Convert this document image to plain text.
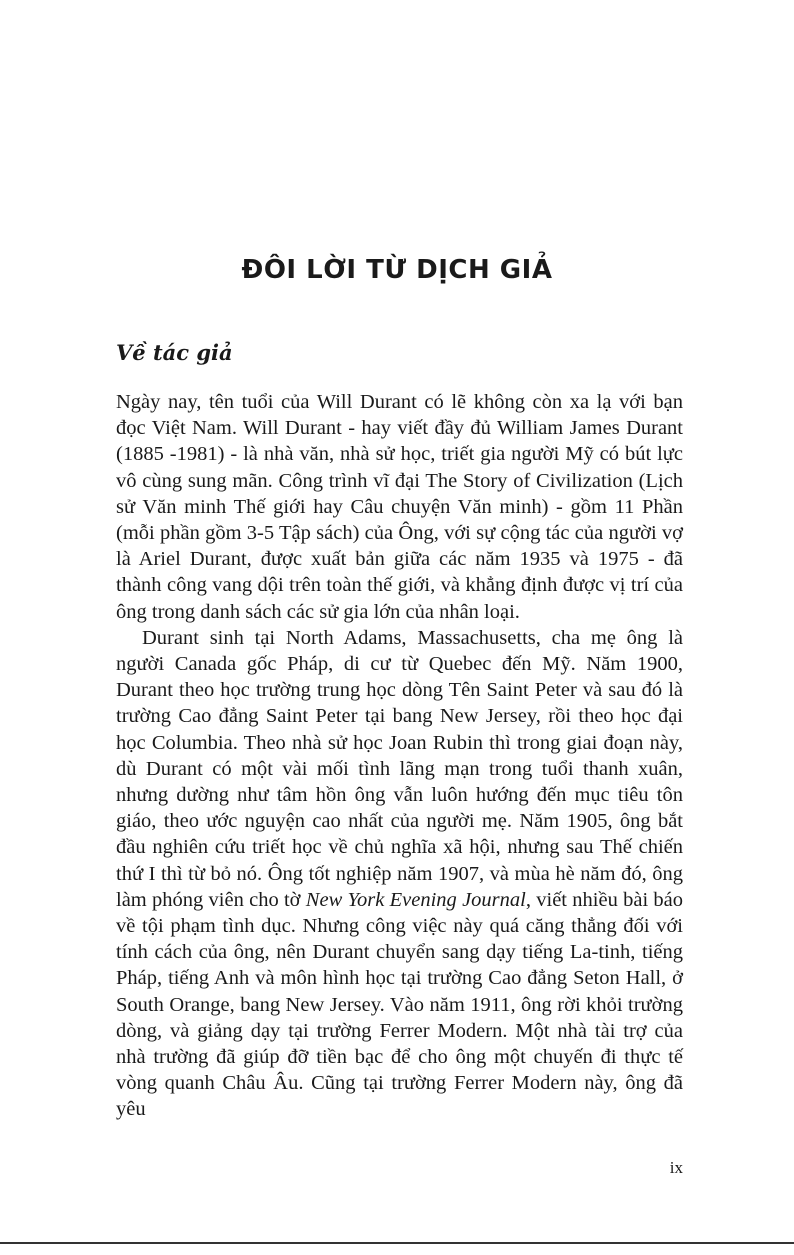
ĐÔI LỜI TỪ DỊCH GIẢ
Về tác giả

Ngày nay, tên tuổi của Will Durant có lẽ không còn xa lạ với bạn đọc Việt Nam. Will Durant - hay viết đầy đủ William James Durant (1885 -1981) - là nhà văn, nhà sử học, triết gia người Mỹ có bút lực vô cùng sung mãn. Công trình vĩ đại The Story of Civilization (Lịch sử Văn minh Thế giới hay Câu chuyện Văn minh) - gồm 11 Phần (mỗi phần gồm 3-5 Tập sách) của Ông, với sự cộng tác của người vợ là Ariel Durant, được xuất bản giữa các năm 1935 và 1975 - đã thành công vang dội trên toàn thế giới, và khẳng định được vị trí của ông trong danh sách các sử gia lớn của nhân loại.

Durant sinh tại North Adams, Massachusetts, cha mẹ ông là người Canada gốc Pháp, di cư từ Quebec đến Mỹ. Năm 1900, Durant theo học trường trung học dòng Tên Saint Peter và sau đó là trường Cao đẳng Saint Peter tại bang New Jersey, rồi theo học đại học Columbia. Theo nhà sử học Joan Rubin thì trong giai đoạn này, dù Durant có một vài mối tình lãng mạn trong tuổi thanh xuân, nhưng dường như tâm hồn ông vẫn luôn hướng đến mục tiêu tôn giáo, theo ước nguyện cao nhất của người mẹ. Năm 1905, ông bắt đầu nghiên cứu triết học về chủ nghĩa xã hội, nhưng sau Thế chiến thứ I thì từ bỏ nó. Ông tốt nghiệp năm 1907, và mùa hè năm đó, ông làm phóng viên cho tờ New York Evening Journal, viết nhiều bài báo về tội phạm tình dục. Nhưng công việc này quá căng thẳng đối với tính cách của ông, nên Durant chuyển sang dạy tiếng La-tinh, tiếng Pháp, tiếng Anh và môn hình học tại trường Cao đẳng Seton Hall, ở South Orange, bang New Jersey. Vào năm 1911, ông rời khỏi trường dòng, và giảng dạy tại trường Ferrer Modern. Một nhà tài trợ của nhà trường đã giúp đỡ tiền bạc để cho ông một chuyến đi thực tế vòng quanh Châu Âu. Cũng tại trường Ferrer Modern này, ông đã yêu

ix
